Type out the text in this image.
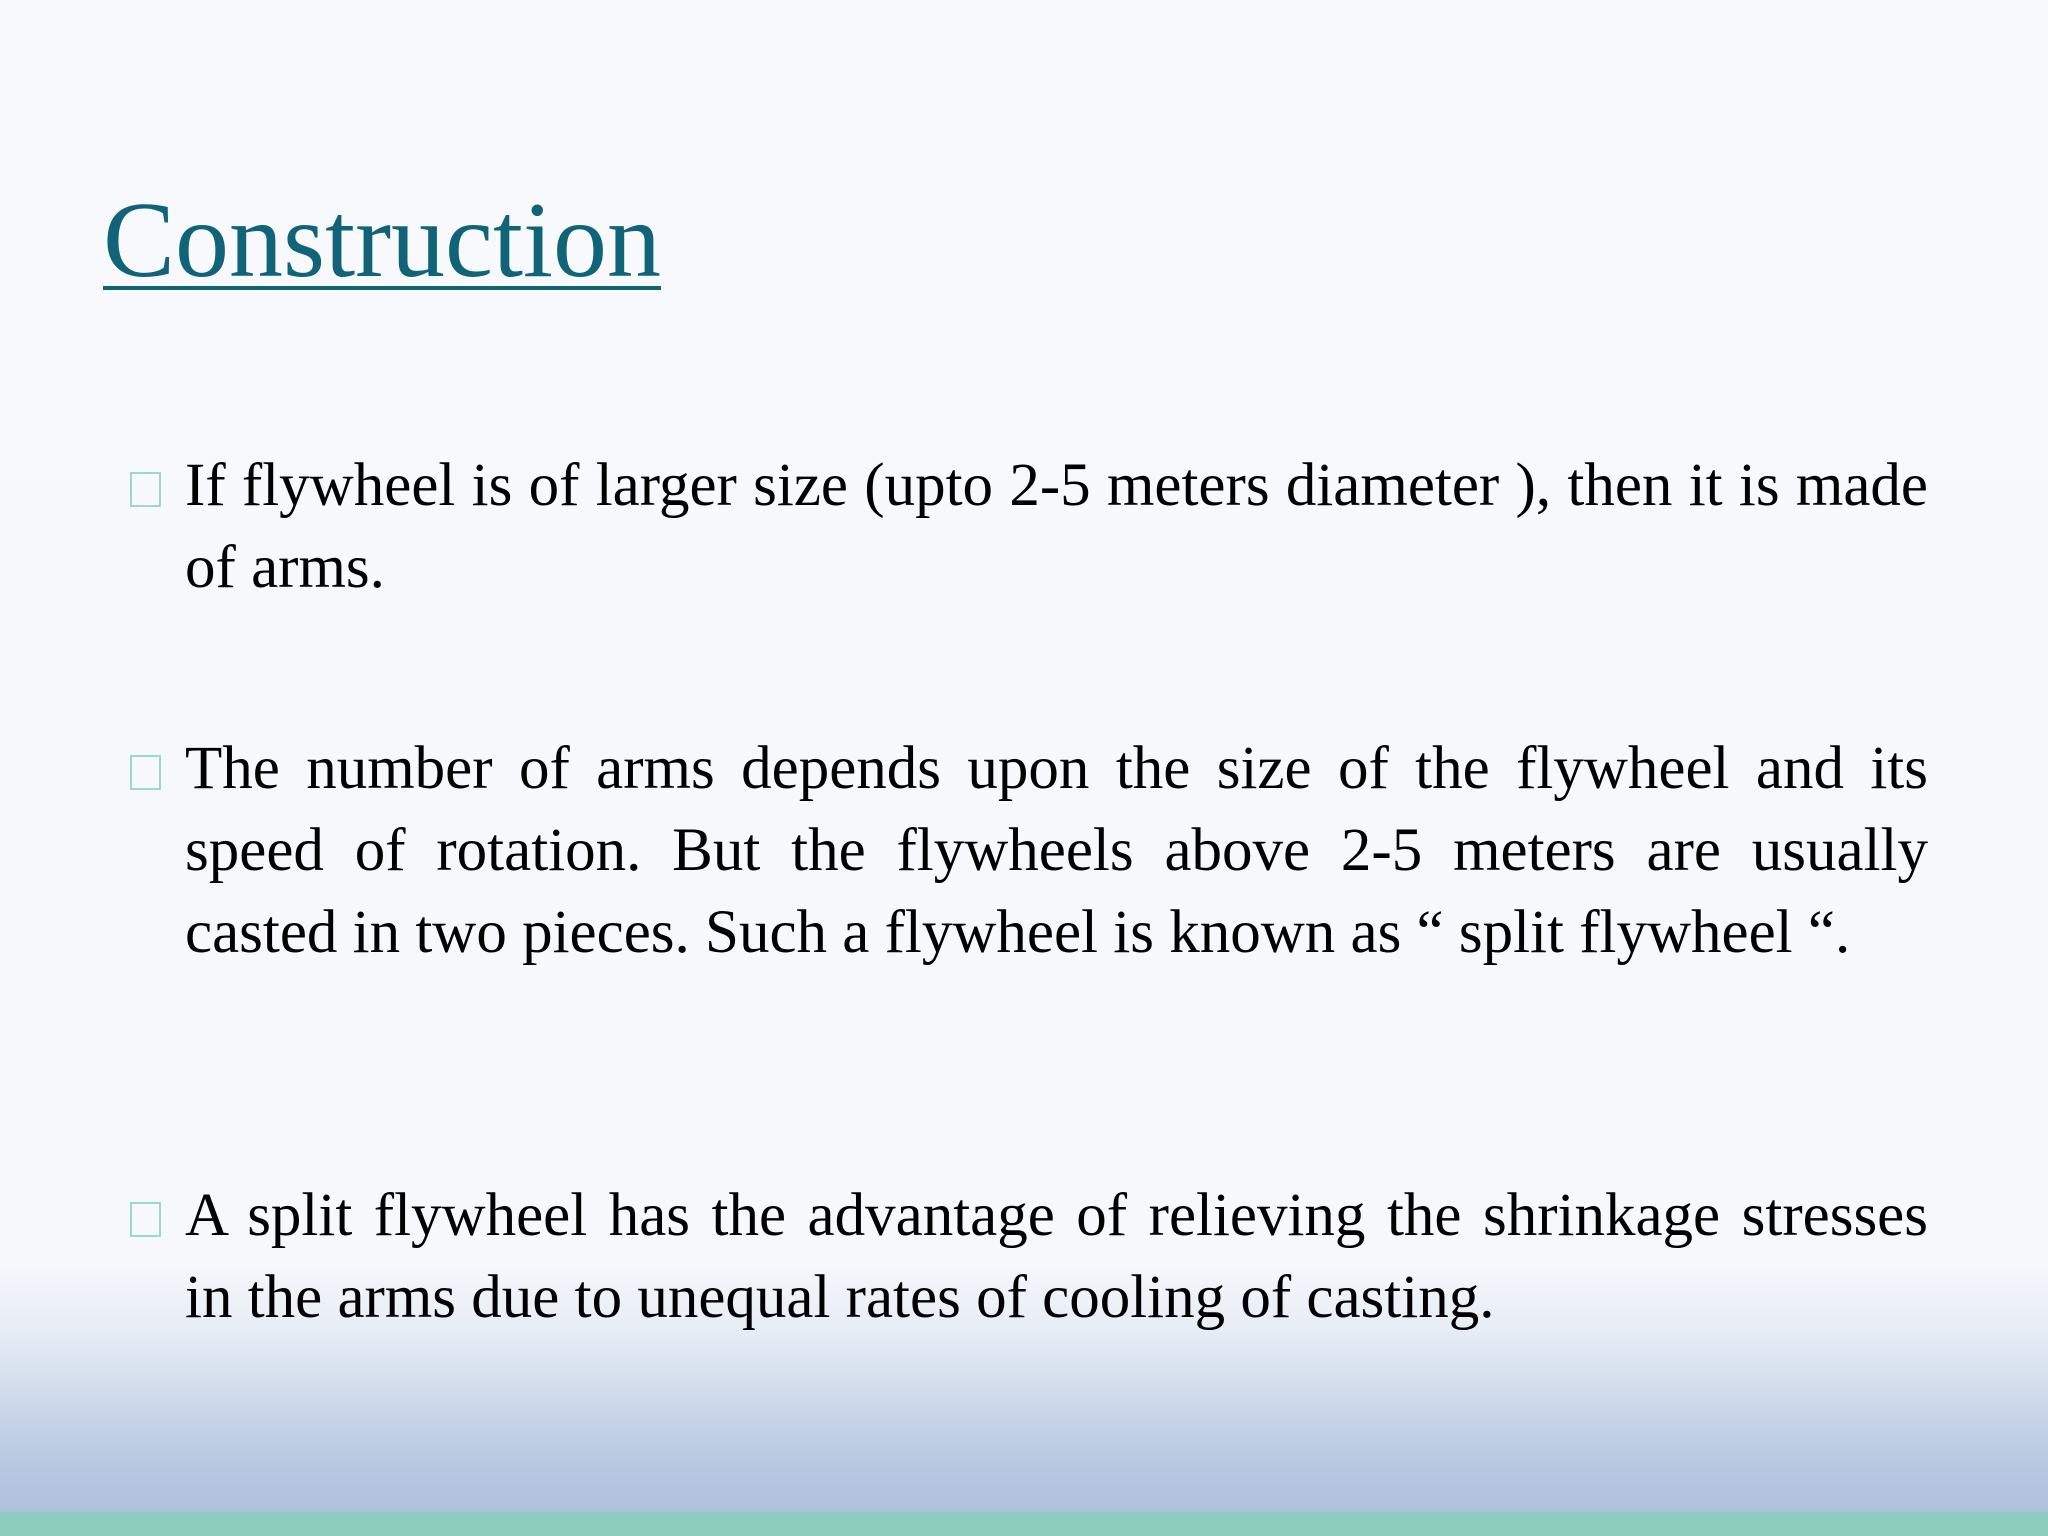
Construction

If flywheel is of larger size (upto 2-5 meters diameter ), then it is made of arms.

The number of arms depends upon the size of the flywheel and its speed of rotation. But the flywheels above 2-5 meters are usually casted in two pieces. Such a flywheel is known as “ split flywheel “.

A split flywheel has the advantage of relieving the shrinkage stresses in the arms due to unequal rates of cooling of casting.
